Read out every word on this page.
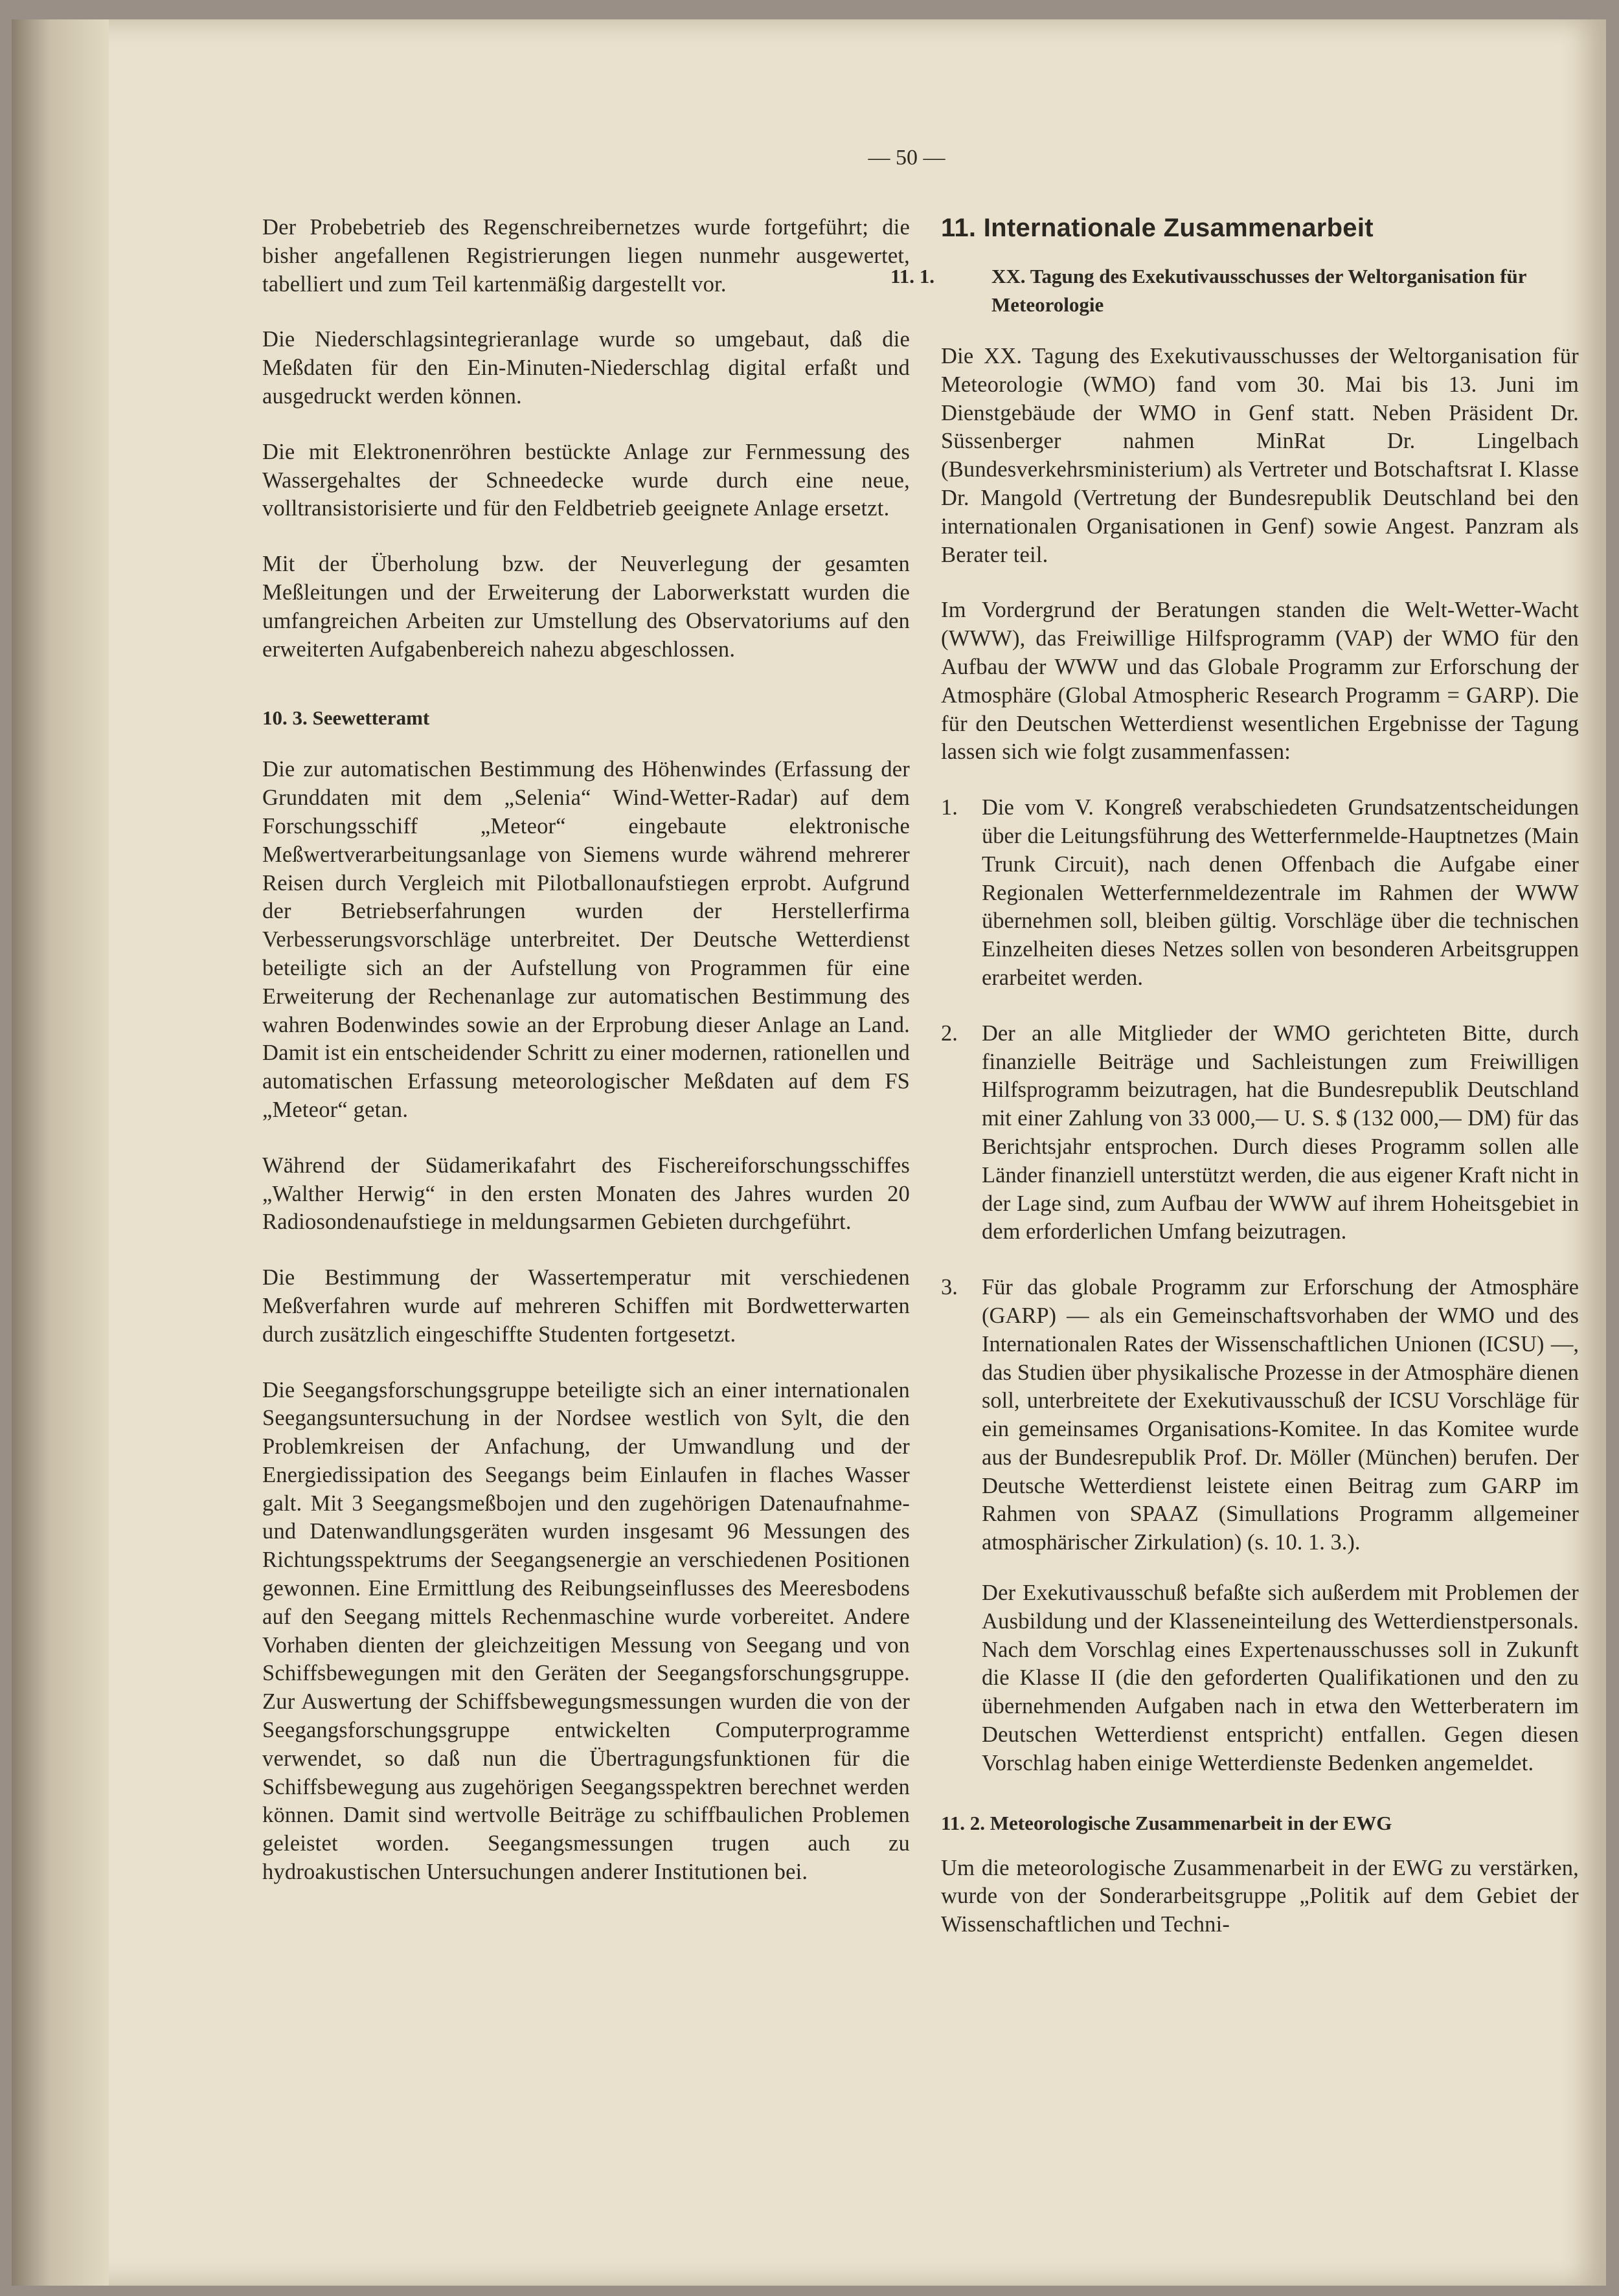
— 50 —

Der Probebetrieb des Regenschreibernetzes wurde fortgeführt; die bisher angefallenen Registrierungen liegen nunmehr ausgewertet, tabelliert und zum Teil kartenmäßig dargestellt vor.

Die Niederschlagsintegrieranlage wurde so umgebaut, daß die Meßdaten für den Ein-Minuten-Niederschlag digital erfaßt und ausgedruckt werden können.

Die mit Elektronenröhren bestückte Anlage zur Fernmessung des Wassergehaltes der Schneedecke wurde durch eine neue, volltransistorisierte und für den Feldbetrieb geeignete Anlage ersetzt.

Mit der Überholung bzw. der Neuverlegung der gesamten Meßleitungen und der Erweiterung der Laborwerkstatt wurden die umfangreichen Arbeiten zur Umstellung des Observatoriums auf den erweiterten Aufgabenbereich nahezu abgeschlossen.

10. 3. Seewetteramt

Die zur automatischen Bestimmung des Höhenwindes (Erfassung der Grunddaten mit dem „Selenia“ Wind-Wetter-Radar) auf dem Forschungsschiff „Meteor“ eingebaute elektronische Meßwertverarbeitungsanlage von Siemens wurde während mehrerer Reisen durch Vergleich mit Pilotballonaufstiegen erprobt. Aufgrund der Betriebserfahrungen wurden der Herstellerfirma Verbesserungsvorschläge unterbreitet. Der Deutsche Wetterdienst beteiligte sich an der Aufstellung von Programmen für eine Erweiterung der Rechenanlage zur automatischen Bestimmung des wahren Bodenwindes sowie an der Erprobung dieser Anlage an Land. Damit ist ein entscheidender Schritt zu einer modernen, rationellen und automatischen Erfassung meteorologischer Meßdaten auf dem FS „Meteor“ getan.

Während der Südamerikafahrt des Fischereiforschungsschiffes „Walther Herwig“ in den ersten Monaten des Jahres wurden 20 Radiosondenaufstiege in meldungsarmen Gebieten durchgeführt.

Die Bestimmung der Wassertemperatur mit verschiedenen Meßverfahren wurde auf mehreren Schiffen mit Bordwetterwarten durch zusätzlich eingeschiffte Studenten fortgesetzt.

Die Seegangsforschungsgruppe beteiligte sich an einer internationalen Seegangsuntersuchung in der Nordsee westlich von Sylt, die den Problemkreisen der Anfachung, der Umwandlung und der Energiedissipation des Seegangs beim Einlaufen in flaches Wasser galt. Mit 3 Seegangsmeßbojen und den zugehörigen Datenaufnahme- und Datenwandlungsgeräten wurden insgesamt 96 Messungen des Richtungsspektrums der Seegangsenergie an verschiedenen Positionen gewonnen. Eine Ermittlung des Reibungseinflusses des Meeresbodens auf den Seegang mittels Rechenmaschine wurde vorbereitet. Andere Vorhaben dienten der gleichzeitigen Messung von Seegang und von Schiffsbewegungen mit den Geräten der Seegangsforschungsgruppe. Zur Auswertung der Schiffsbewegungsmessungen wurden die von der Seegangsforschungsgruppe entwickelten Computerprogramme verwendet, so daß nun die Übertragungsfunktionen für die Schiffsbewegung aus zugehörigen Seegangsspektren berechnet werden können. Damit sind wertvolle Beiträge zu schiffbaulichen Problemen geleistet worden. Seegangsmessungen trugen auch zu hydroakustischen Untersuchungen anderer Institutionen bei.

11. Internationale Zusammenarbeit
11. 1.	XX. Tagung des Exekutivausschusses der Weltorganisation für Meteorologie

Die XX. Tagung des Exekutivausschusses der Weltorganisation für Meteorologie (WMO) fand vom 30. Mai bis 13. Juni im Dienstgebäude der WMO in Genf statt. Neben Präsident Dr. Süssenberger nahmen MinRat Dr. Lingelbach (Bundesverkehrsministerium) als Vertreter und Botschaftsrat I. Klasse Dr. Mangold (Vertretung der Bundesrepublik Deutschland bei den internationalen Organisationen in Genf) sowie Angest. Panzram als Berater teil.

Im Vordergrund der Beratungen standen die Welt-Wetter-Wacht (WWW), das Freiwillige Hilfsprogramm (VAP) der WMO für den Aufbau der WWW und das Globale Programm zur Erforschung der Atmosphäre (Global Atmospheric Research Programm = GARP). Die für den Deutschen Wetterdienst wesentlichen Ergebnisse der Tagung lassen sich wie folgt zusammenfassen:

1.	Die vom V. Kongreß verabschiedeten Grundsatzentscheidungen über die Leitungsführung des Wetterfernmelde-Hauptnetzes (Main Trunk Circuit), nach denen Offenbach die Aufgabe einer Regionalen Wetterfernmeldezentrale im Rahmen der WWW übernehmen soll, bleiben gültig. Vorschläge über die technischen Einzelheiten dieses Netzes sollen von besonderen Arbeitsgruppen erarbeitet werden.

2.	Der an alle Mitglieder der WMO gerichteten Bitte, durch finanzielle Beiträge und Sachleistungen zum Freiwilligen Hilfsprogramm beizutragen, hat die Bundesrepublik Deutschland mit einer Zahlung von 33 000,— U. S. $ (132 000,— DM) für das Berichtsjahr entsprochen. Durch dieses Programm sollen alle Länder finanziell unterstützt werden, die aus eigener Kraft nicht in der Lage sind, zum Aufbau der WWW auf ihrem Hoheitsgebiet in dem erforderlichen Umfang beizutragen.

3.	Für das globale Programm zur Erforschung der Atmosphäre (GARP) — als ein Gemeinschaftsvorhaben der WMO und des Internationalen Rates der Wissenschaftlichen Unionen (ICSU) —, das Studien über physikalische Prozesse in der Atmosphäre dienen soll, unterbreitete der Exekutivausschuß der ICSU Vorschläge für ein gemeinsames Organisations-Komitee. In das Komitee wurde aus der Bundesrepublik Prof. Dr. Möller (München) berufen. Der Deutsche Wetterdienst leistete einen Beitrag zum GARP im Rahmen von SPAAZ (Simullations Programm allgemeiner atmosphärischer Zirkulation) (s. 10. 1. 3.).

Der Exekutivausschuß befaßte sich außerdem mit Problemen der Ausbildung und der Klasseneinteilung des Wetterdienstpersonals. Nach dem Vorschlag eines Expertenausschusses soll in Zukunft die Klasse II (die den geforderten Qualifikationen und den zu übernehmenden Aufgaben nach in etwa den Wetterberatern im Deutschen Wetterdienst entspricht) entfallen. Gegen diesen Vorschlag haben einige Wetterdienste Bedenken angemeldet.

11. 2. Meteorologische Zusammenarbeit in der EWG

Um die meteorologische Zusammenarbeit in der EWG zu verstärken, wurde von der Sonderarbeitsgruppe „Politik auf dem Gebiet der Wissenschaftlichen und Techni-
